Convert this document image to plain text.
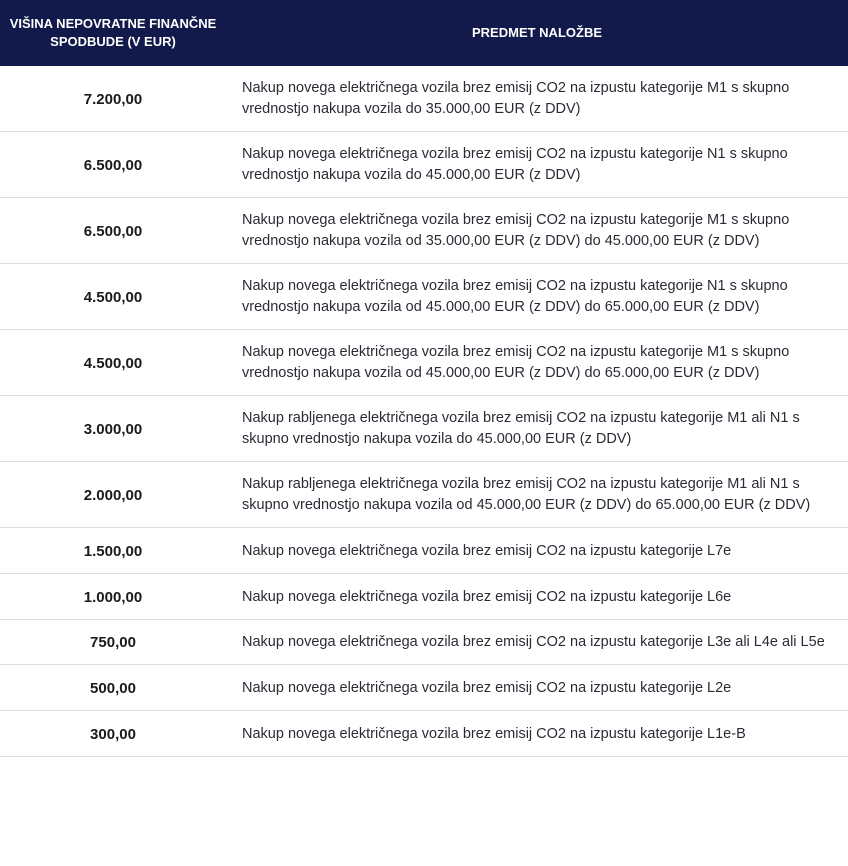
VIŠINA NEPOVRATNE FINANČNE SPODBUDE (V EUR)	PREDMET NALOŽBE
7.200,00	Nakup novega električnega vozila brez emisij CO2 na izpustu kategorije M1 s skupno vrednostjo nakupa vozila do 35.000,00 EUR (z DDV)
6.500,00	Nakup novega električnega vozila brez emisij CO2 na izpustu kategorije N1 s skupno vrednostjo nakupa vozila do 45.000,00 EUR (z DDV)
6.500,00	Nakup novega električnega vozila brez emisij CO2 na izpustu kategorije M1 s skupno vrednostjo nakupa vozila od 35.000,00 EUR (z DDV) do 45.000,00 EUR (z DDV)
4.500,00	Nakup novega električnega vozila brez emisij CO2 na izpustu kategorije N1 s skupno vrednostjo nakupa vozila od 45.000,00 EUR (z DDV) do 65.000,00 EUR (z DDV)
4.500,00	Nakup novega električnega vozila brez emisij CO2 na izpustu kategorije M1 s skupno vrednostjo nakupa vozila od 45.000,00 EUR (z DDV) do 65.000,00 EUR (z DDV)
3.000,00	Nakup rabljenega električnega vozila brez emisij CO2 na izpustu kategorije M1 ali N1 s skupno vrednostjo nakupa vozila do 45.000,00 EUR (z DDV)
2.000,00	Nakup rabljenega električnega vozila brez emisij CO2 na izpustu kategorije M1 ali N1 s skupno vrednostjo nakupa vozila od 45.000,00 EUR (z DDV) do 65.000,00 EUR (z DDV)
1.500,00	Nakup novega električnega vozila brez emisij CO2 na izpustu kategorije L7e
1.000,00	Nakup novega električnega vozila brez emisij CO2 na izpustu kategorije L6e
750,00	Nakup novega električnega vozila brez emisij CO2 na izpustu kategorije L3e ali L4e ali L5e
500,00	Nakup novega električnega vozila brez emisij CO2 na izpustu kategorije L2e
300,00	Nakup novega električnega vozila brez emisij CO2 na izpustu kategorije L1e-B
